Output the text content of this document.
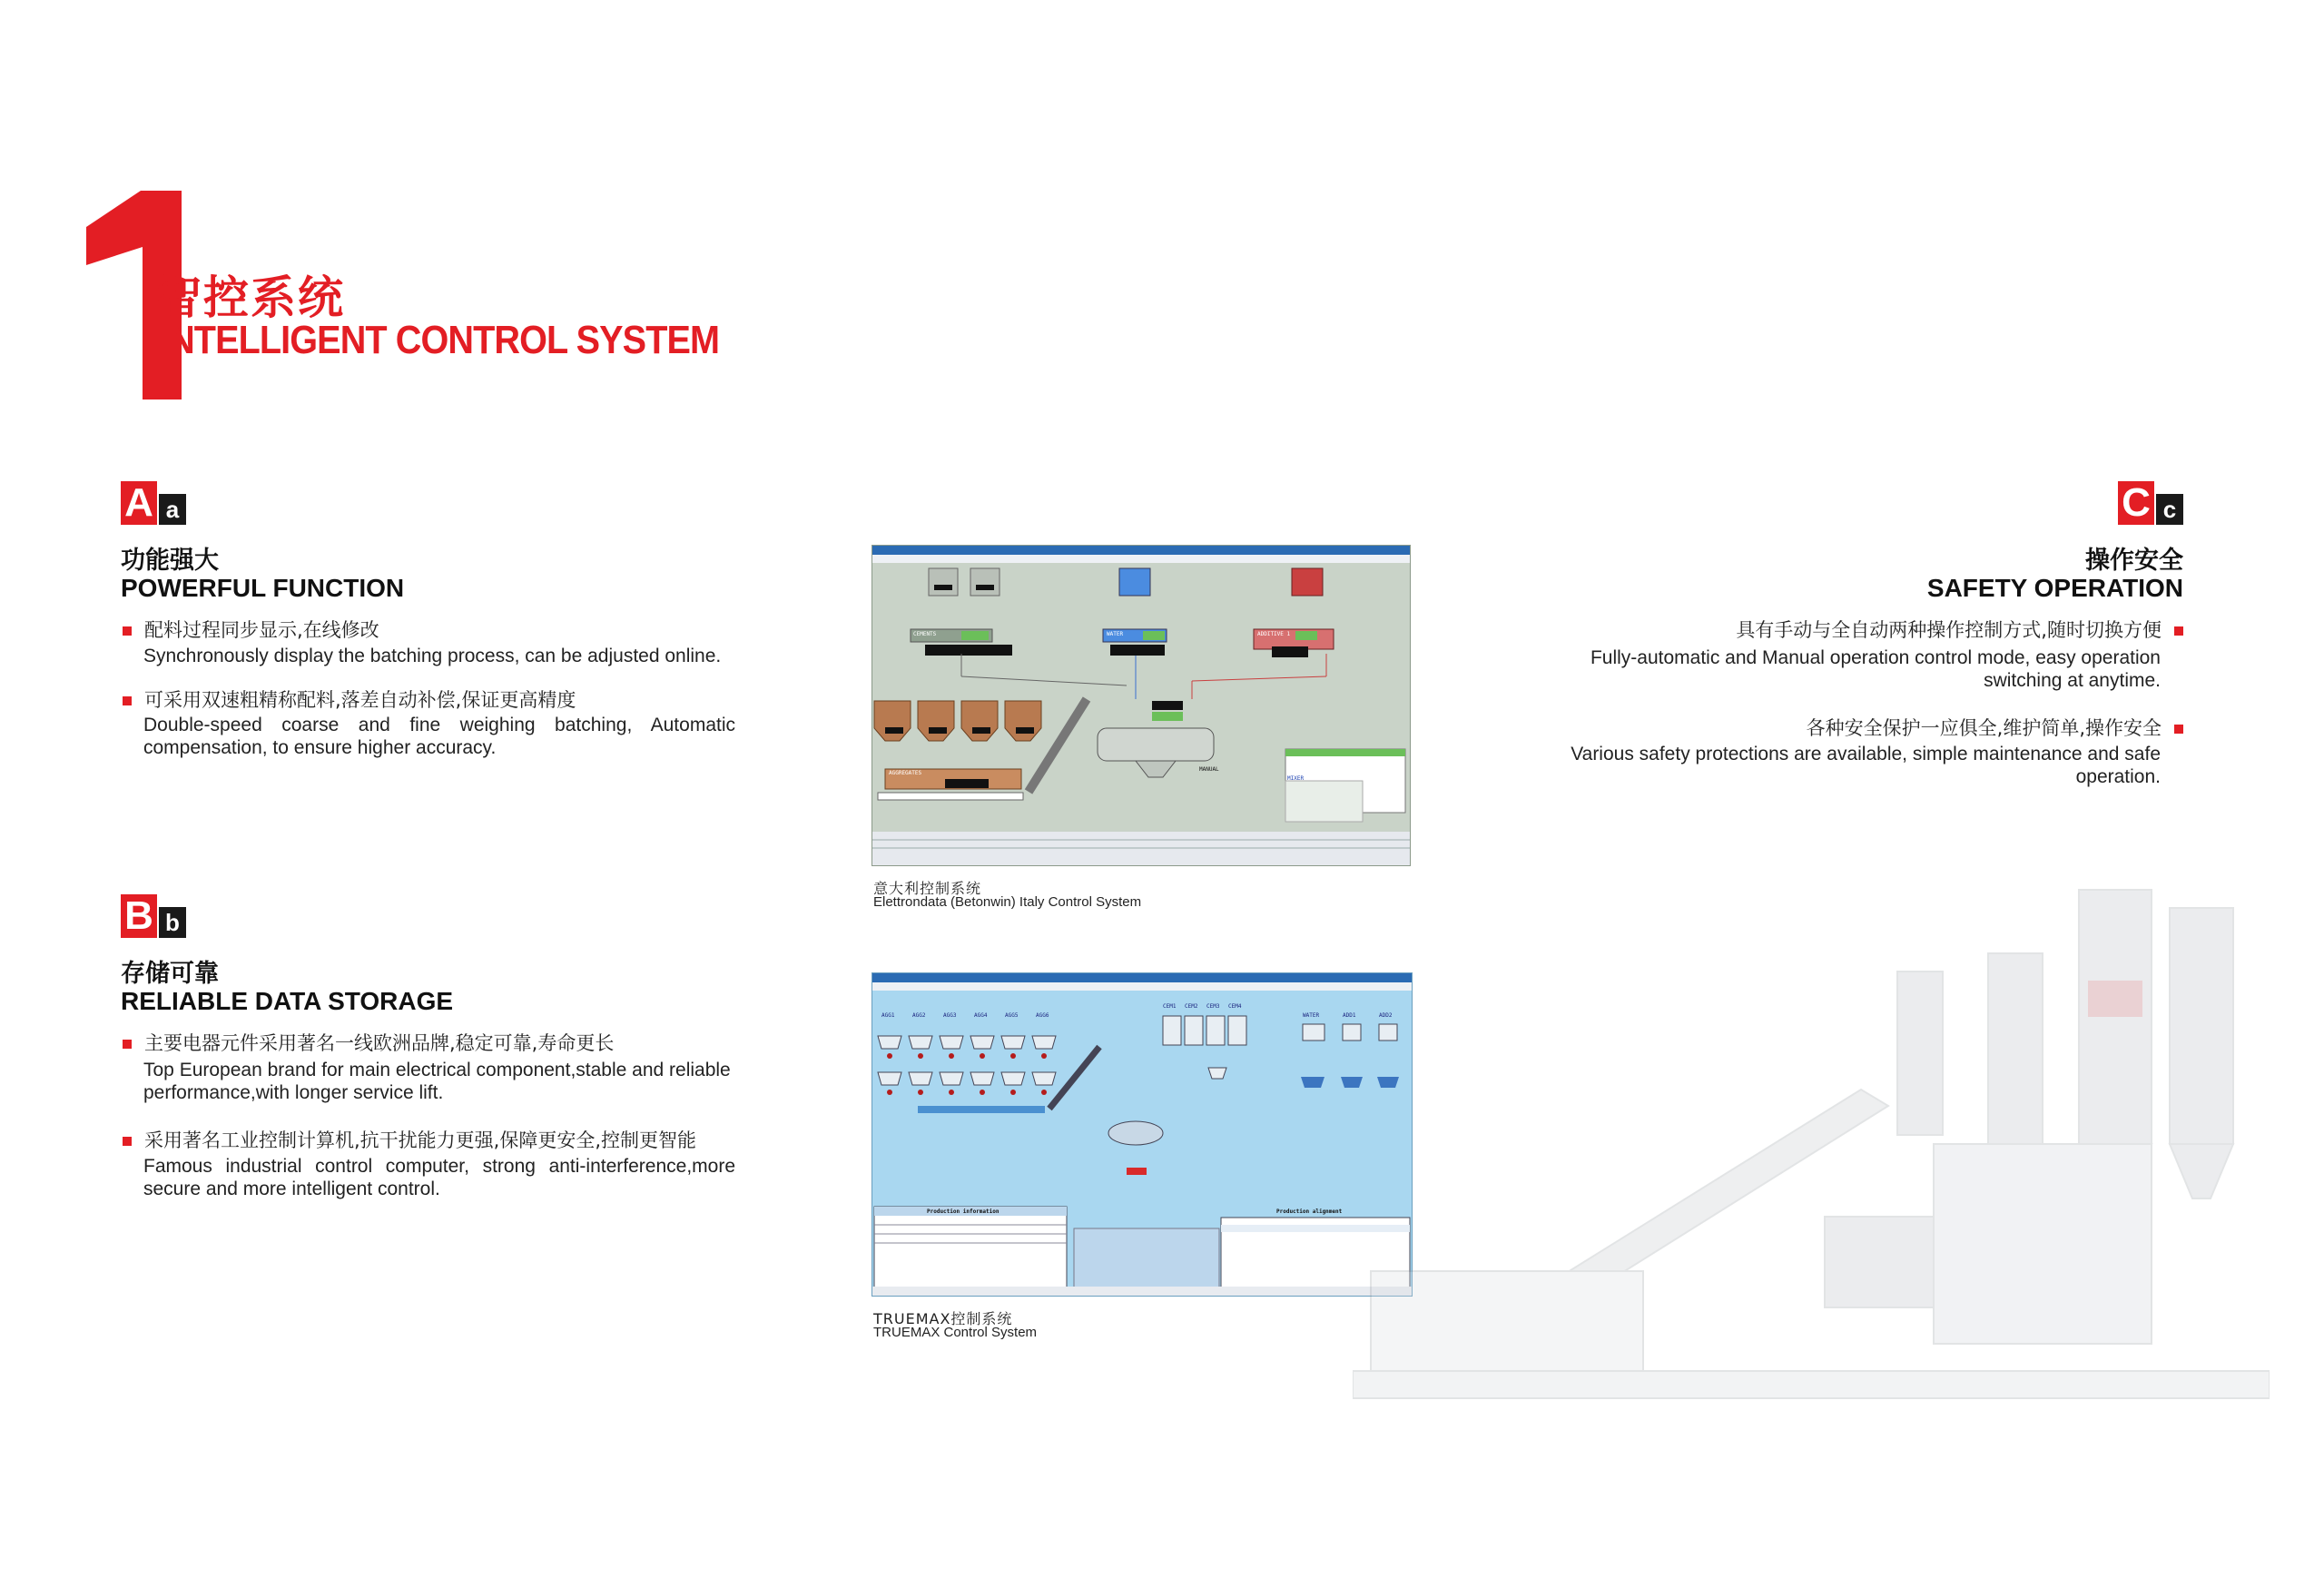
智控系统
INTELLIGENT CONTROL SYSTEM
A a
功能强大
POWERFUL FUNCTION
配料过程同步显示,在线修改
Synchronously display the batching process, can be adjusted online.
可采用双速粗精称配料,落差自动补偿,保证更高精度
Double-speed coarse and fine weighing batching, Automatic compensation, to ensure higher accuracy.
B b
存储可靠
RELIABLE DATA STORAGE
主要电器元件采用著名一线欧洲品牌,稳定可靠,寿命更长
Top European brand for main electrical component,stable and reliable performance,with longer service lift.
采用著名工业控制计算机,抗干扰能力更强,保障更安全,控制更智能
Famous industrial control computer, strong anti-interference,more secure and more intelligent control.
C c
操作安全
SAFETY OPERATION
具有手动与全自动两种操作控制方式,随时切换方便
Fully-automatic and Manual operation control mode, easy operation switching at anytime.
各种安全保护一应俱全,维护简单,操作安全
Various safety protections are available, simple maintenance and safe operation.
CEMENTS	WATER	ADDITIVE 1
AGGREGATES
MANUAL
MIXER
意大利控制系统
Elettrondata (Betonwin) Italy Control System
AGG1	AGG2	AGG3	AGG4	AGG5	AGG6
CEM1 CEM2 CEM3 CEM4
WATER	ADD1	ADD2
Production information	Production alignment
TRUEMAX控制系统
TRUEMAX Control System
